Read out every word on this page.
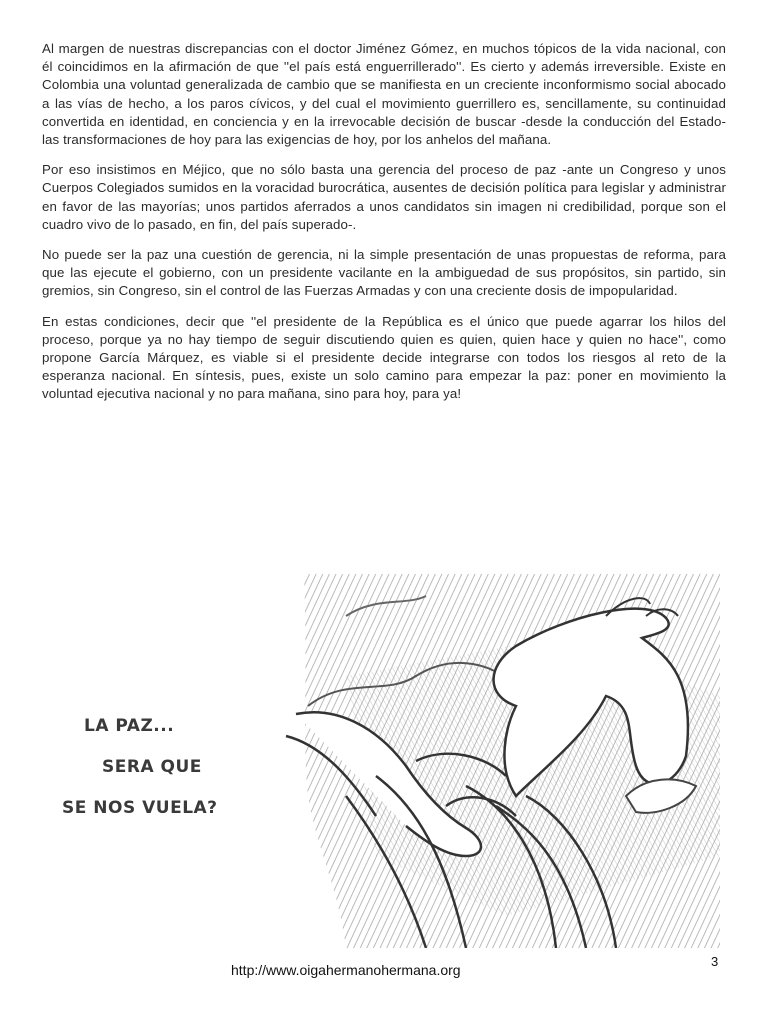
Al margen de nuestras discrepancias con el doctor Jiménez Gómez, en muchos tópicos de la vida nacional, con él coincidimos en la afirmación de que ''el país está enguerrillerado''. Es cierto y además irreversible. Existe en Colombia una voluntad generalizada de cambio que se manifiesta en un creciente inconformismo social abocado a las vías de hecho, a los paros cívicos, y del cual el movimiento guerrillero es, sencillamente, su continuidad convertida en identidad, en conciencia y en la irrevocable decisión de buscar -desde la conducción del Estado- las transformaciones de hoy para las exigencias de hoy, por los anhelos del mañana.

Por eso insistimos en Méjico, que no sólo basta una gerencia del proceso de paz -ante un Congreso y unos Cuerpos Colegiados sumidos en la voracidad burocrática, ausentes de decisión política para legislar y administrar en favor de las mayorías; unos partidos aferrados a unos candidatos sin imagen ni credibilidad, porque son el cuadro vivo de lo pasado, en fin, del país superado-.

No puede ser la paz una cuestión de gerencia, ni la simple presentación de unas propuestas de reforma, para que las ejecute el gobierno, con un presidente vacilante en la ambiguedad de sus propósitos, sin partido, sin gremios, sin Congreso, sin el control de las Fuerzas Armadas y con una creciente dosis de impopularidad.

En estas condiciones, decir que ''el presidente de la República es el único que puede agarrar los hilos del proceso, porque ya no hay tiempo de seguir discutiendo quien es quien, quien hace y quien no hace'', como propone García Márquez, es viable si el presidente decide integrarse con todos los riesgos al reto de la esperanza nacional. En síntesis, pues, existe un solo camino para empezar la paz: poner en movimiento la voluntad ejecutiva nacional y no para mañana, sino para hoy, para ya!

LA PAZ...
SERA QUE
SE NOS VUELA?
http://www.oigahermanohermana.org
3
